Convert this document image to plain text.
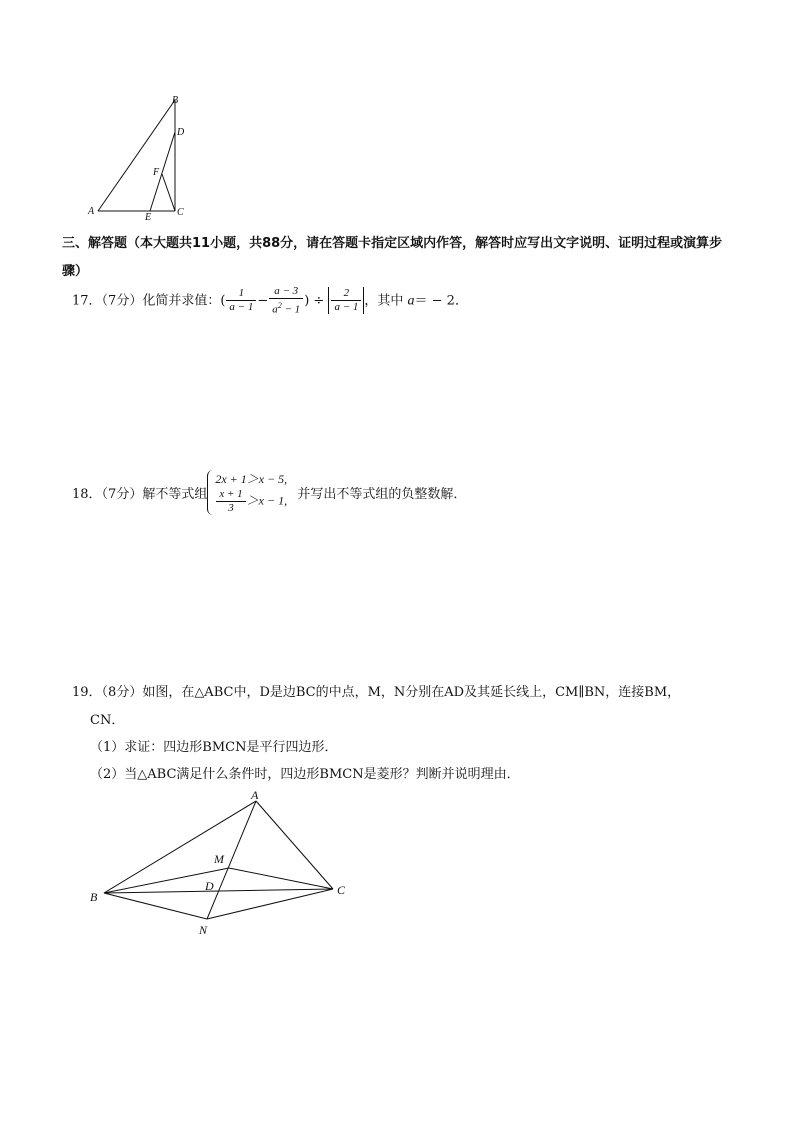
A
B
C
D
E
F
三、解答题（本大题共11小题，共88分，请在答题卡指定区域内作答，解答时应写出文字说明、证明过程或演算步骤）
17．（7分）化简并求值：( $\frac{1}{a - 1} - \frac{a - 3}{a^2 - 1}$ ) ÷ $\frac{2}{a - 1}$ ，其中 a＝ − 2．
18．（7分）解不等式组
2x + 1＞x − 5,
$\frac{x + 1}{3} >x - 1$, 并写出不等式组的负整数解．
19．（8分）如图，在△ABC中，D是边BC的中点，M，N分别在AD及其延长线上，CM∥BN，连接BM，
CN．
（1）求证：四边形BMCN是平行四边形．
（2）当△ABC满足什么条件时，四边形BMCN是菱形？判断并说明理由．
A
B	C
D
M
N
